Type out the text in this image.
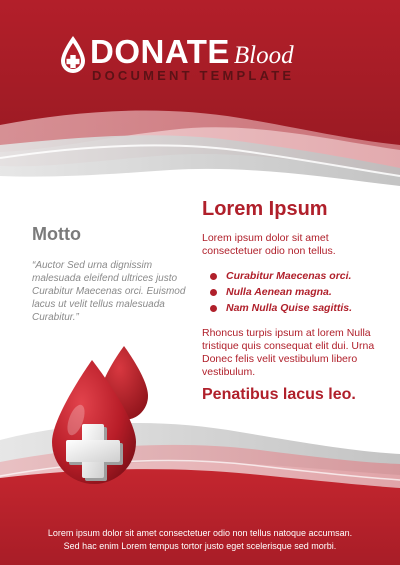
DONATE Blood
DOCUMENT TEMPLATE
Motto
“Auctor Sed urna dignissim malesuada eleifend ultrices justo Curabitur Maecenas orci. Euismod lacus ut velit tellus malesuada Curabitur.”
Lorem Ipsum
Lorem ipsum dolor sit amet consectetuer odio non tellus.
Curabitur Maecenas orci.
Nulla Aenean magna.
Nam Nulla Quise sagittis.
Rhoncus turpis ipsum at lorem Nulla tristique quis consequat elit dui. Urna Donec felis velit vestibulum libero vestibulum.
Penatibus lacus leo.
Lorem ipsum dolor sit amet consectetuer odio non tellus natoque accumsan.
Sed hac enim Lorem tempus tortor justo eget scelerisque sed morbi.
